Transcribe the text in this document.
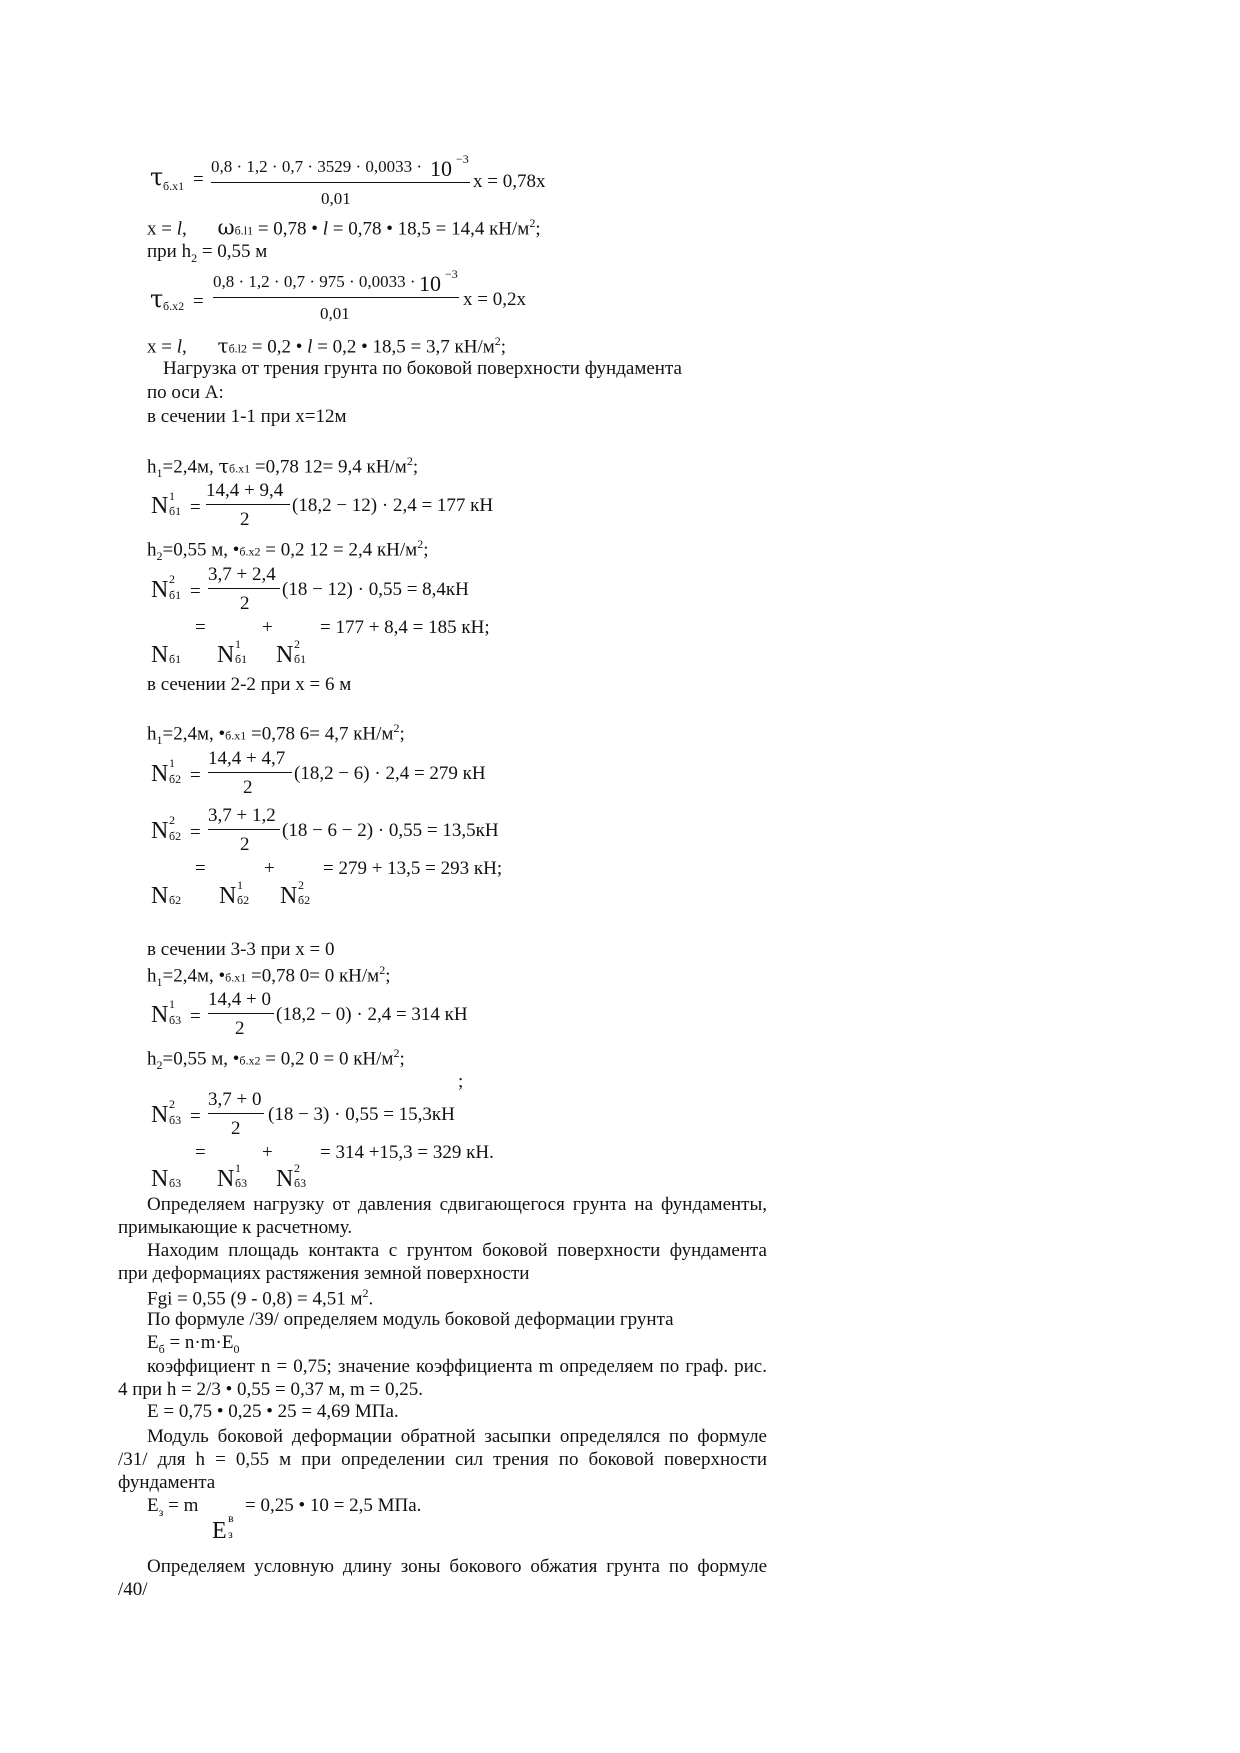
τ б.х1 =
0,8 · 1,2 · 0,7 · 3529 · 0,0033 · 10 −3
0,01
x = 0,78x
x = l, ωб.l1 = 0,78 • l = 0,78 • 18,5 = 14,4 $кН/м^2$;
при $h_2 = 0,55$ м
τ б.х2 =
0,8 · 1,2 · 0,7 · 975 · 0,0033 · 10 −3
0,01
x = 0,2x
x = l, τб.l2 = 0,2 • l = 0,2 • 18,5 = 3,7 $кН/м^2$;
Нагрузка от трения грунта по боковой поверхности фундамента
по оси А:
в сечении 1-1 при х=12м
$h_1=2,4м$, τб.х1 =0,78 12= 9,4 $кН/м^2$;
N 1
б1 =
14,4 + 9,4
2
(18,2 − 12) · 2,4 = 177 кН
$h_2=0,55$ м, •б.х2 = 0,2 12 = 2,4 $кН/м^2$;
N 2
б1 =
3,7 + 2,4
2
(18 − 12) · 0,55 = 8,4кН
=	+ = 177 + 8,4 = 185 кН;
N б1 N 1
б1 N 2
б1
в сечении 2-2 при х = 6 м
$h_1=2,4м$, •б.х1 =0,78 6= 4,7 $кН/м^2$;
N 1
б2 =
14,4 + 4,7
2
(18,2 − 6) · 2,4 = 279 кН
N 2
б2 =
3,7 + 1,2
2
(18 − 6 − 2) · 0,55 = 13,5кН
=	+	= 279 + 13,5 = 293 кН;
N б2 N 1
б2 N 2
б2
в сечении 3-3 при х = 0
$h_1=2,4м$, •б.х1 =0,78 0= 0 $кН/м^2$;
N 1
б3 =
14,4 + 0
2
(18,2 − 0) · 2,4 = 314 кН
$h_2=0,55$ м, •б.х2 = 0,2 0 = 0 $кН/м^2$;
;
N 2
б3 =
3,7 + 0
2
(18 − 3) · 0,55 = 15,3кН
=	+ = 314 +15,3 = 329 кН.
N б3 N 1
б3 N 2
б3
Определяем нагрузку от давления сдвигающегося грунта на фундаменты, примыкающие к расчетному.
Находим площадь контакта с грунтом боковой поверхности фундамента при деформациях растяжения земной поверхности
Fgi = 0,55 (9 - 0,8) = 4,51 $м^2$.
По формуле /39/ определяем модуль боковой деформации грунта
$E_б = n\cdot m\cdot E_0$
коэффициент n = 0,75; значение коэффициента m определяем по граф. рис. 4 при h = 2/3 • 0,55 = 0,37 м, m = 0,25.
E = 0,75 • 0,25 • 25 = 4,69 МПа.
Модуль боковой деформации обратной засыпки определялся по формуле /31/ для h = 0,55 м при определении сил трения по боковой поверхности фундамента
$E_з = m = 0,25$ • 10 = 2,5 МПа.
E в
з
Определяем условную длину зоны бокового обжатия грунта по формуле /40/
